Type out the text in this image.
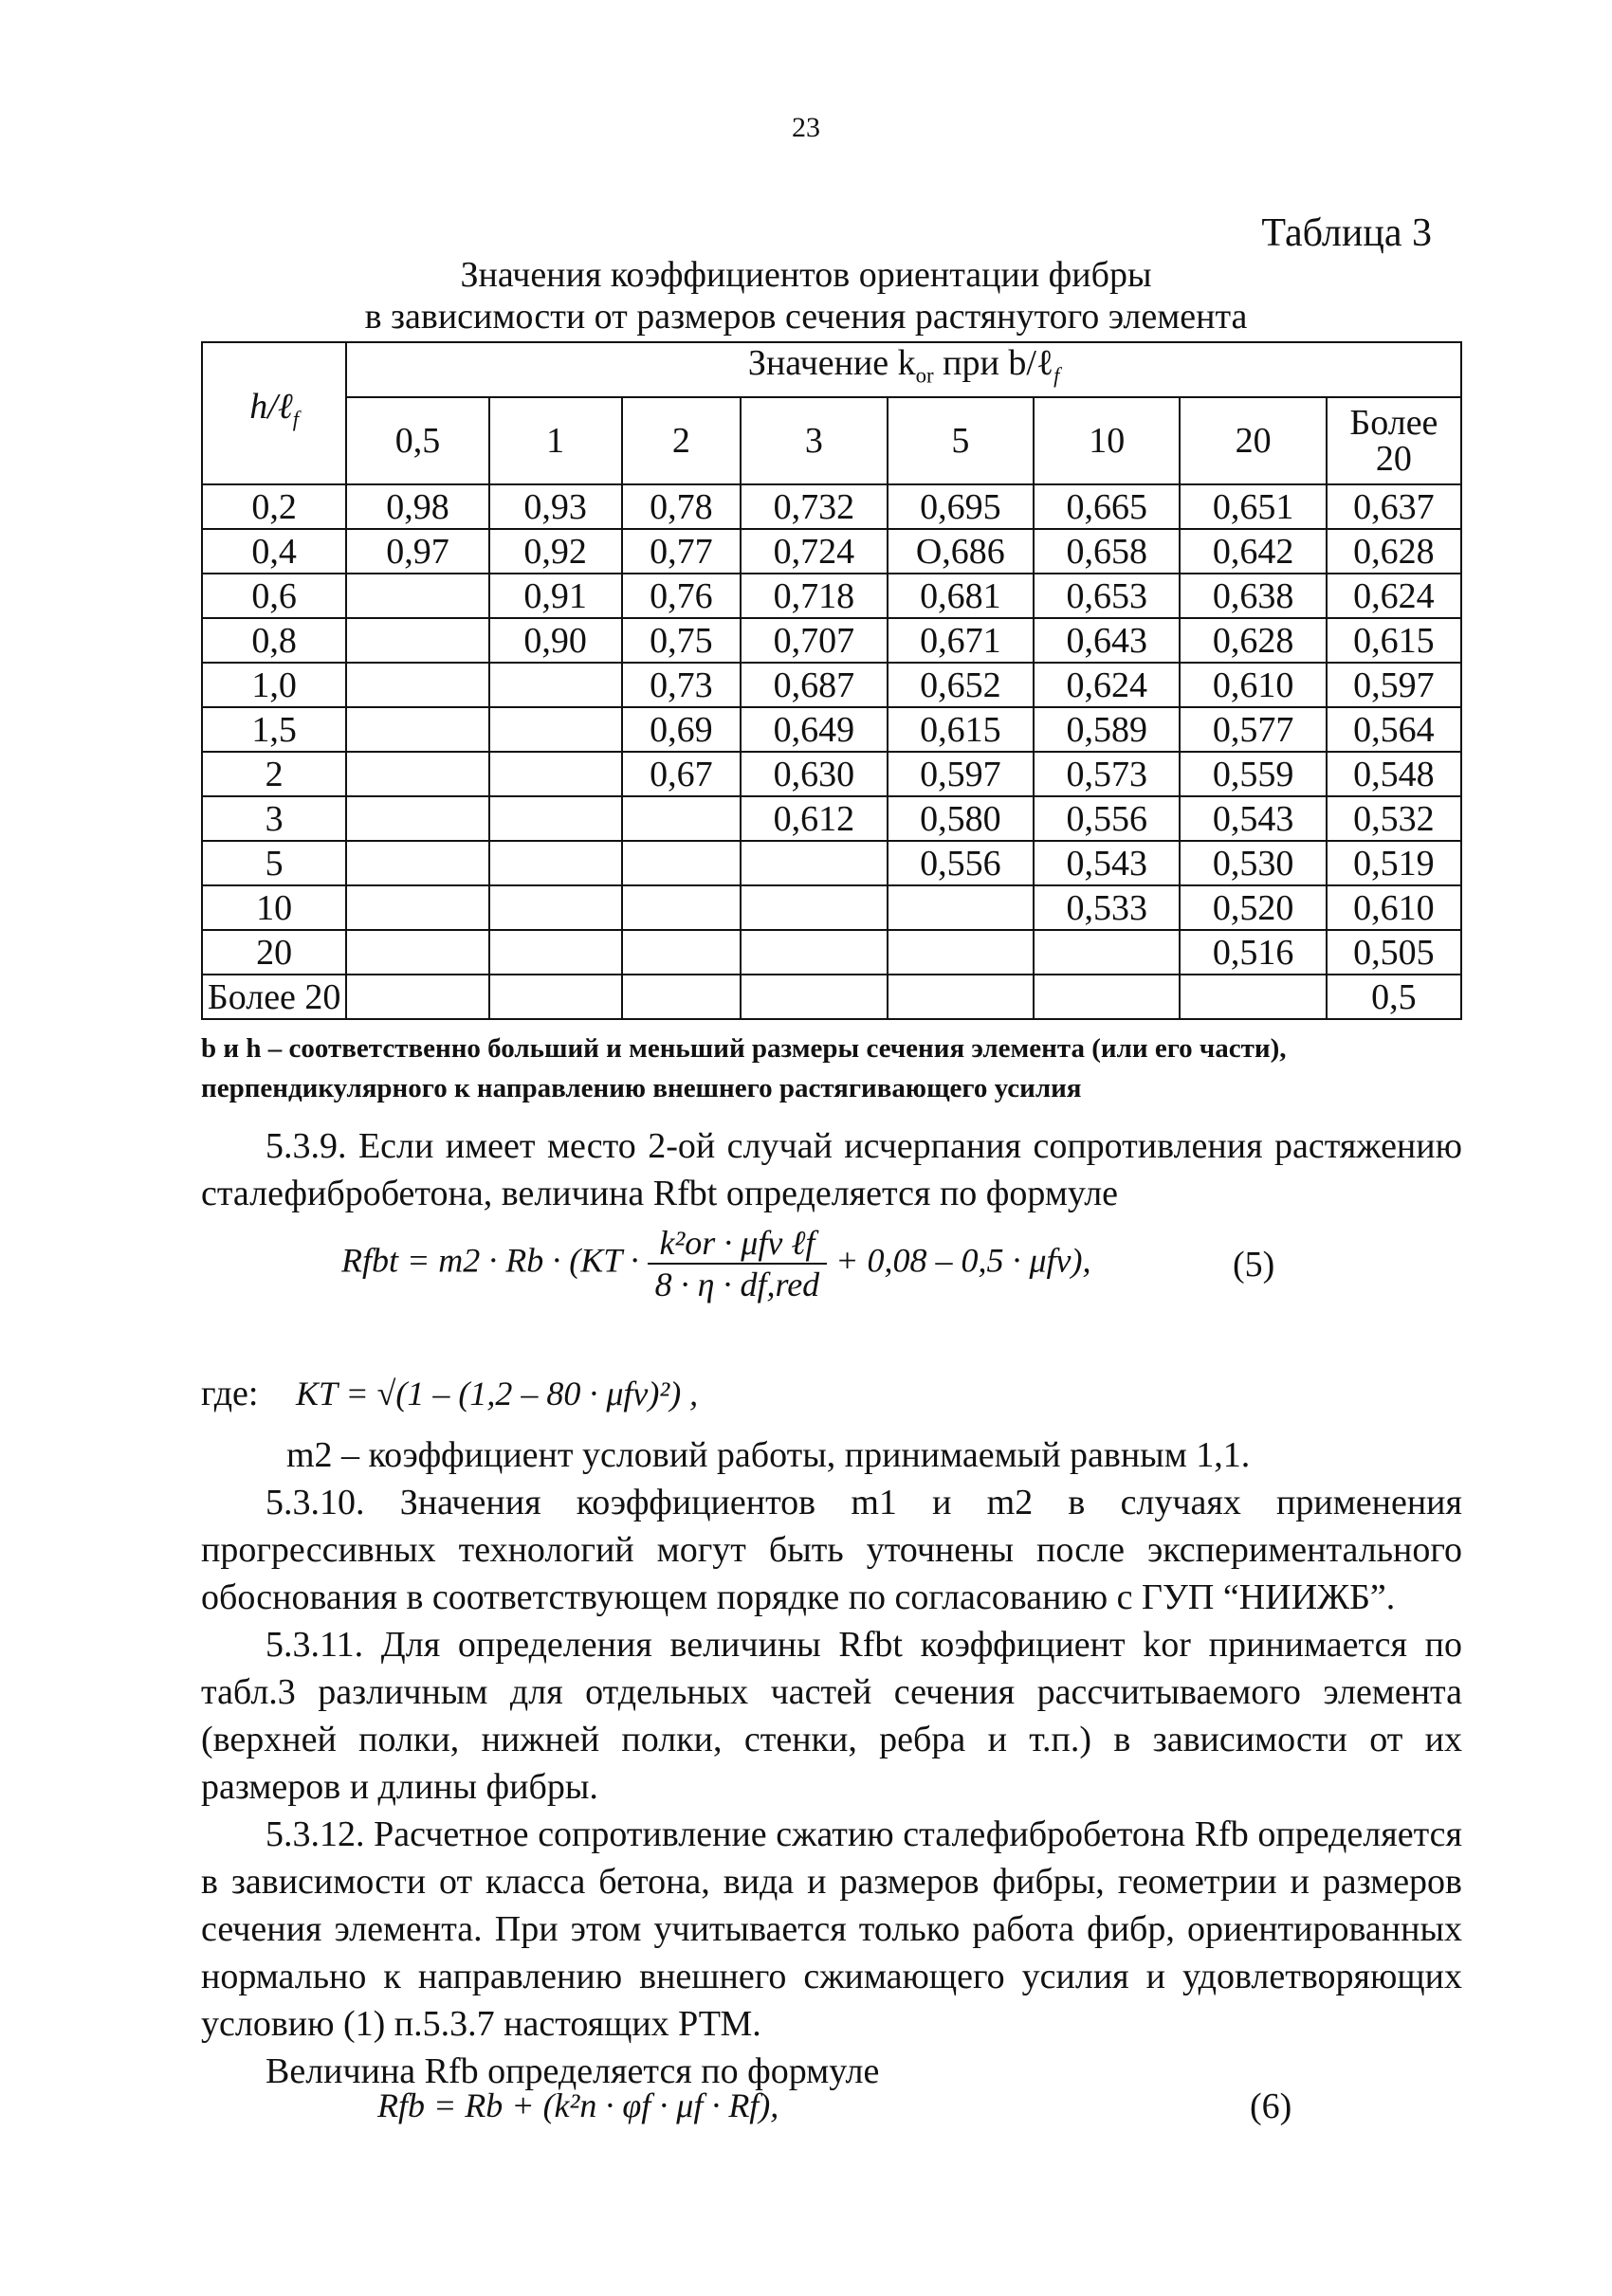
23
Таблица 3
Значения коэффициентов ориентации фибры
в зависимости от размеров сечения растянутого элемента
h/ℓ$_f$	Значение $k_{or}$ при b/ℓ$_f$
	0,5	1	2	3	5	10	20	Более 20
0,2	0,98	0,93	0,78	0,732	0,695	0,665	0,651	0,637
0,4	0,97	0,92	0,77	0,724	О,686	0,658	0,642	0,628
0,6		0,91	0,76	0,718	0,681	0,653	0,638	0,624
0,8		0,90	0,75	0,707	0,671	0,643	0,628	0,615
1,0			0,73	0,687	0,652	0,624	0,610	0,597
1,5			0,69	0,649	0,615	0,589	0,577	0,564
2			0,67	0,630	0,597	0,573	0,559	0,548
3				0,612	0,580	0,556	0,543	0,532
5					0,556	0,543	0,530	0,519
10						0,533	0,520	0,610
20							0,516	0,505
Более 20								0,5
b и h – соответственно больший и меньший размеры сечения элемента (или его части), перпендикулярного к направлению внешнего растягивающего усилия

5.3.9. Если имеет место 2-ой случай исчерпания сопротивления растяжению сталефибробетона, величина Rfbt определяется по формуле

Rfbt = $m2 \cdot Rb \cdot (KT \cdot \frac{\text{k²or · μfv ℓf}}{\text{8 · η · df,red}} + 0,08 - 0,5 \cdot \mu fv)$,	(5)
где: KT = √(1 – (1,2 – 80 · μfv)²) ,

m2 – коэффициент условий работы, принимаемый равным 1,1.

5.3.10. Значения коэффициентов m1 и m2 в случаях применения прогрессивных технологий могут быть уточнены после экспериментального обоснования в соответствующем порядке по согласованию с ГУП “НИИЖБ”.

5.3.11. Для определения величины Rfbt коэффициент kor принимается по табл.3 различным для отдельных частей сечения рассчитываемого элемента (верхней полки, нижней полки, стенки, ребра и т.п.) в зависимости от их размеров и длины фибры.

5.3.12. Расчетное сопротивление сжатию сталефибробетона Rfb определяется в зависимости от класса бетона, вида и размеров фибры, геометрии и размеров сечения элемента. При этом учитывается только работа фибр, ориентированных нормально к направлению внешнего сжимающего усилия и удовлетворяющих условию (1) п.5.3.7 настоящих РТМ.

Величина Rfb определяется по формуле

Rfb = Rb + (k²n · φf · μf · Rf),	(6)
